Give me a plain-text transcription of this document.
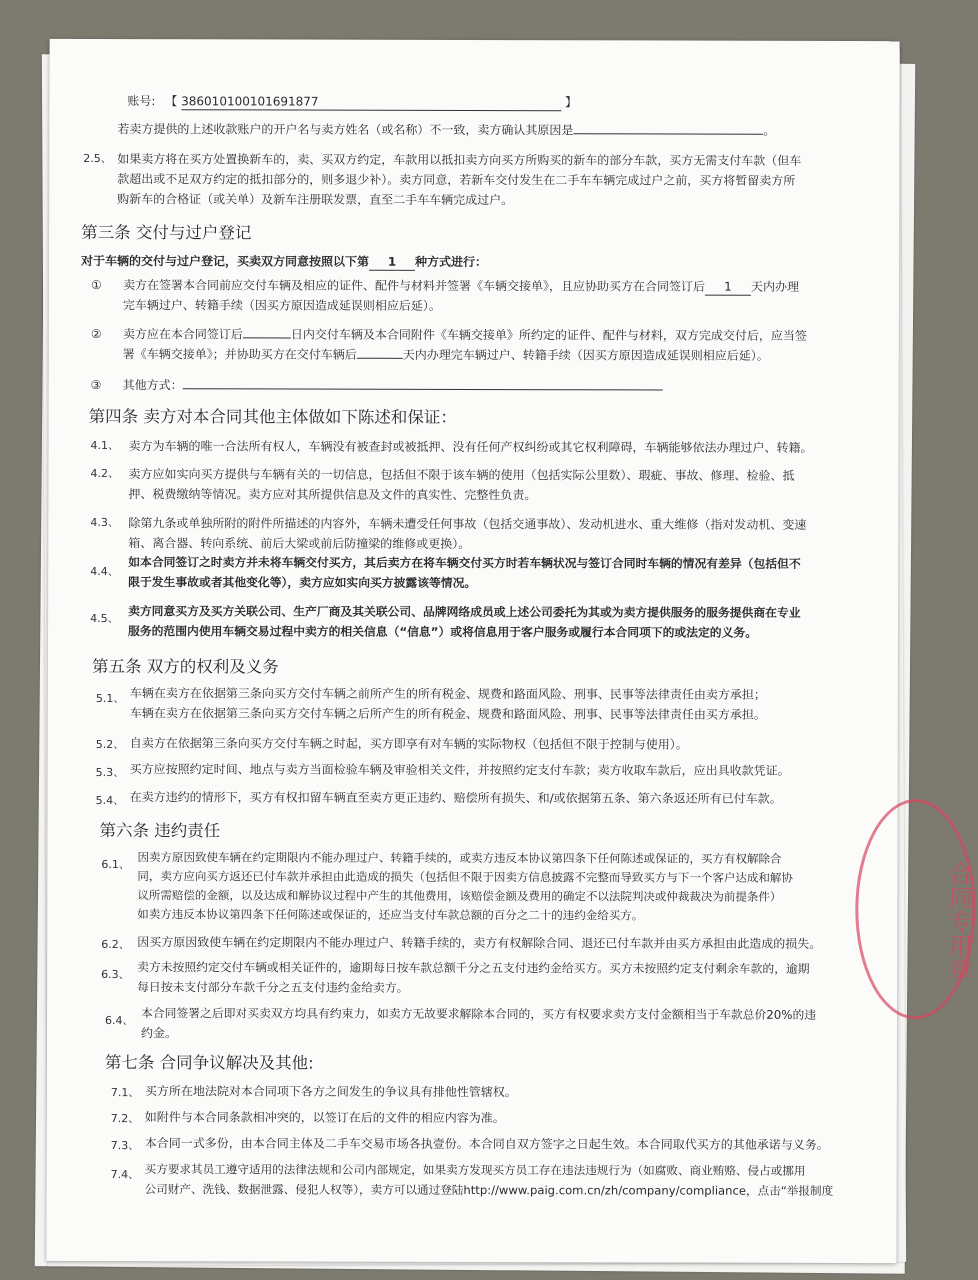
账号: 【 386010100101691877	】
若卖方提供的上述收款账户的开户名与卖方姓名（或名称）不一致，卖方确认其原因是	。
2.5、 如果卖方将在买方处置换新车的，卖、买双方约定，车款用以抵扣卖方向买方所购买的新车的部分车款，买方无需支付车款（但车
款超出或不足双方约定的抵扣部分的，则多退少补）。卖方同意，若新车交付发生在二手车车辆完成过户之前，买方将暂留卖方所
购新车的合格证（或关单）及新车注册联发票，直至二手车车辆完成过户。
第三条 交付与过户登记
对于车辆的交付与过户登记，买卖双方同意按照以下第 1 种方式进行：
① 卖方在签署本合同前应交付车辆及相应的证件、配件与材料并签署《车辆交接单》，且应协助买方在合同签订后 1 天内办理
完车辆过户、转籍手续（因买方原因造成延误则相应后延）。
② 卖方应在本合同签订后	日内交付车辆及本合同附件《车辆交接单》所约定的证件、配件与材料，双方完成交付后，应当签
署《车辆交接单》；并协助买方在交付车辆后	天内办理完车辆过户、转籍手续（因买方原因造成延误则相应后延）。
③ 其他方式：
第四条 卖方对本合同其他主体做如下陈述和保证：
4.1、 卖方为车辆的唯一合法所有权人，车辆没有被查封或被抵押、没有任何产权纠纷或其它权利障碍，车辆能够依法办理过户、转籍。
4.2、 卖方应如实向买方提供与车辆有关的一切信息，包括但不限于该车辆的使用（包括实际公里数）、瑕疵、事故、修理、检验、抵
押、税费缴纳等情况。卖方应对其所提供信息及文件的真实性、完整性负责。
4.3、 除第九条或单独所附的附件所描述的内容外，车辆未遭受任何事故（包括交通事故）、发动机进水、重大维修（指对发动机、变速
箱、离合器、转向系统、前后大梁或前后防撞梁的维修或更换）。
4.4、
如本合同签订之时卖方并未将车辆交付买方，其后卖方在将车辆交付买方时若车辆状况与签订合同时车辆的情况有差异（包括但不
限于发生事故或者其他变化等），卖方应如实向买方披露该等情况。
4.5、 卖方同意买方及买方关联公司、生产厂商及其关联公司、品牌网络成员或上述公司委托为其或为卖方提供服务的服务提供商在专业
服务的范围内使用车辆交易过程中卖方的相关信息（“信息”）或将信息用于客户服务或履行本合同项下的或法定的义务。
第五条 双方的权利及义务
5.1、 车辆在卖方在依据第三条向买方交付车辆之前所产生的所有税金、规费和路面风险、刑事、民事等法律责任由卖方承担；
车辆在卖方在依据第三条向买方交付车辆之后所产生的所有税金、规费和路面风险、刑事、民事等法律责任由买方承担。
5.2、 自卖方在依据第三条向买方交付车辆之时起，买方即享有对车辆的实际物权（包括但不限于控制与使用）。
5.3、 买方应按照约定时间、地点与卖方当面检验车辆及审验相关文件，并按照约定支付车款；卖方收取车款后，应出具收款凭证。
5.4、 在卖方违约的情形下，买方有权扣留车辆直至卖方更正违约、赔偿所有损失、和/或依据第五条、第六条返还所有已付车款。
第六条 违约责任
6.1、 因卖方原因致使车辆在约定期限内不能办理过户、转籍手续的，或卖方违反本协议第四条下任何陈述或保证的，买方有权解除合
同，卖方应向买方返还已付车款并承担由此造成的损失（包括但不限于因卖方信息披露不完整而导致买方与下一个客户达成和解协
议所需赔偿的金额，以及达成和解协议过程中产生的其他费用，该赔偿金额及费用的确定不以法院判决或仲裁裁决为前提条件）
如卖方违反本协议第四条下任何陈述或保证的，还应当支付车款总额的百分之二十的违约金给买方。
6.2、 因买方原因致使车辆在约定期限内不能办理过户、转籍手续的，卖方有权解除合同、退还已付车款并由买方承担由此造成的损失。
6.3、 卖方未按照约定交付车辆或相关证件的，逾期每日按车款总额千分之五支付违约金给买方。买方未按照约定支付剩余车款的，逾期
每日按未支付部分车款千分之五支付违约金给卖方。
6.4、 本合同签署之后即对买卖双方均具有约束力，如卖方无故要求解除本合同的，买方有权要求卖方支付金额相当于车款总价20%的违
约金。
第七条 合同争议解决及其他:
7.1、 买方所在地法院对本合同项下各方之间发生的争议具有排他性管辖权。
7.2、 如附件与本合同条款相冲突的，以签订在后的文件的相应内容为准。
7.3、 本合同一式多份，由本合同主体及二手车交易市场各执壹份。本合同自双方签字之日起生效。本合同取代买方的其他承诺与义务。
7.4、 买方要求其员工遵守适用的法律法规和公司内部规定，如果卖方发现买方员工存在违法违规行为（如腐败、商业贿赂、侵占或挪用
公司财产、洗钱、数据泄露、侵犯人权等），卖方可以通过登陆http://www.paig.com.cn/zh/company/compliance，点击“举报制度
合同专用章
